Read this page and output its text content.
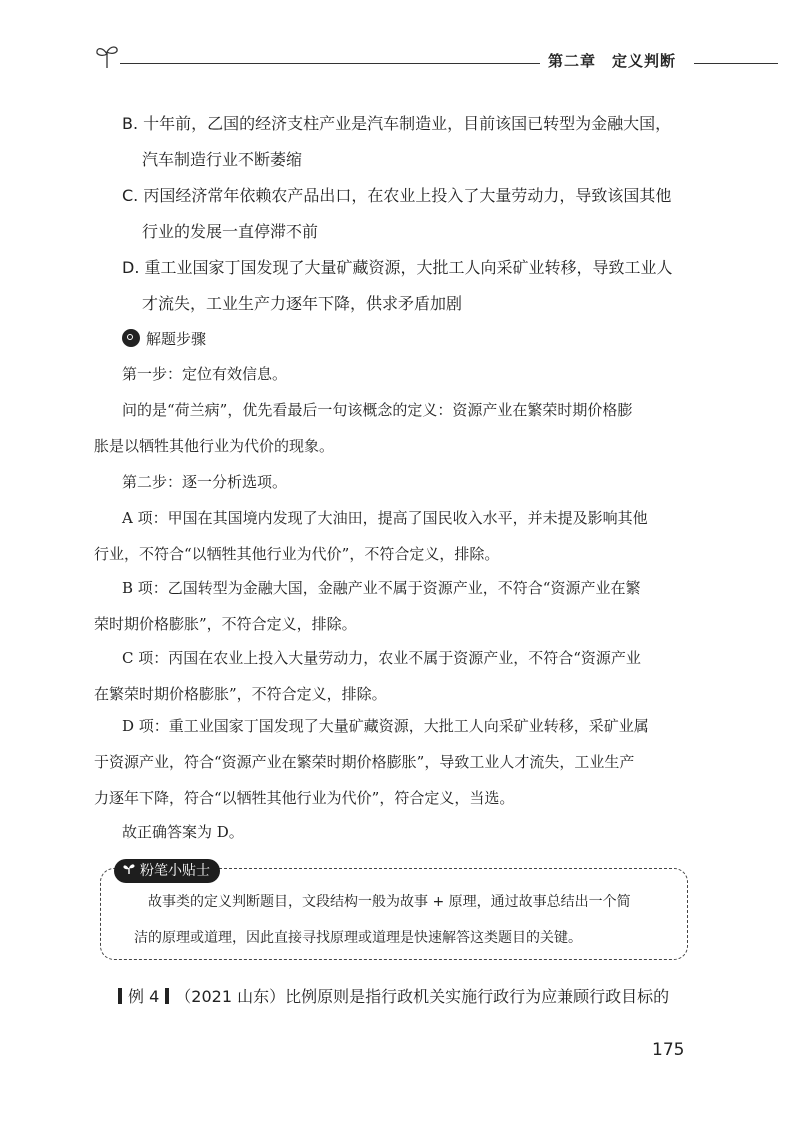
第二章　定义判断
B. 十年前，乙国的经济支柱产业是汽车制造业，目前该国已转型为金融大国，
汽车制造行业不断萎缩
C. 丙国经济常年依赖农产品出口，在农业上投入了大量劳动力，导致该国其他
行业的发展一直停滞不前
D. 重工业国家丁国发现了大量矿藏资源，大批工人向采矿业转移，导致工业人
才流失，工业生产力逐年下降，供求矛盾加剧
解题步骤
第一步：定位有效信息。
问的是“荷兰病”，优先看最后一句该概念的定义：资源产业在繁荣时期价格膨
胀是以牺牲其他行业为代价的现象。
第二步：逐一分析选项。
A 项：甲国在其国境内发现了大油田，提高了国民收入水平，并未提及影响其他
行业，不符合“以牺牲其他行业为代价”，不符合定义，排除。
B 项：乙国转型为金融大国，金融产业不属于资源产业，不符合“资源产业在繁
荣时期价格膨胀”，不符合定义，排除。
C 项：丙国在农业上投入大量劳动力，农业不属于资源产业，不符合“资源产业
在繁荣时期价格膨胀”，不符合定义，排除。
D 项：重工业国家丁国发现了大量矿藏资源，大批工人向采矿业转移，采矿业属
于资源产业，符合“资源产业在繁荣时期价格膨胀”，导致工业人才流失，工业生产
力逐年下降，符合“以牺牲其他行业为代价”，符合定义，当选。
故正确答案为 D。
粉笔小贴士
故事类的定义判断题目，文段结构一般为故事 + 原理，通过故事总结出一个简
洁的原理或道理，因此直接寻找原理或道理是快速解答这类题目的关键。
例 4 （2021 山东）比例原则是指行政机关实施行政行为应兼顾行政目标的
175
